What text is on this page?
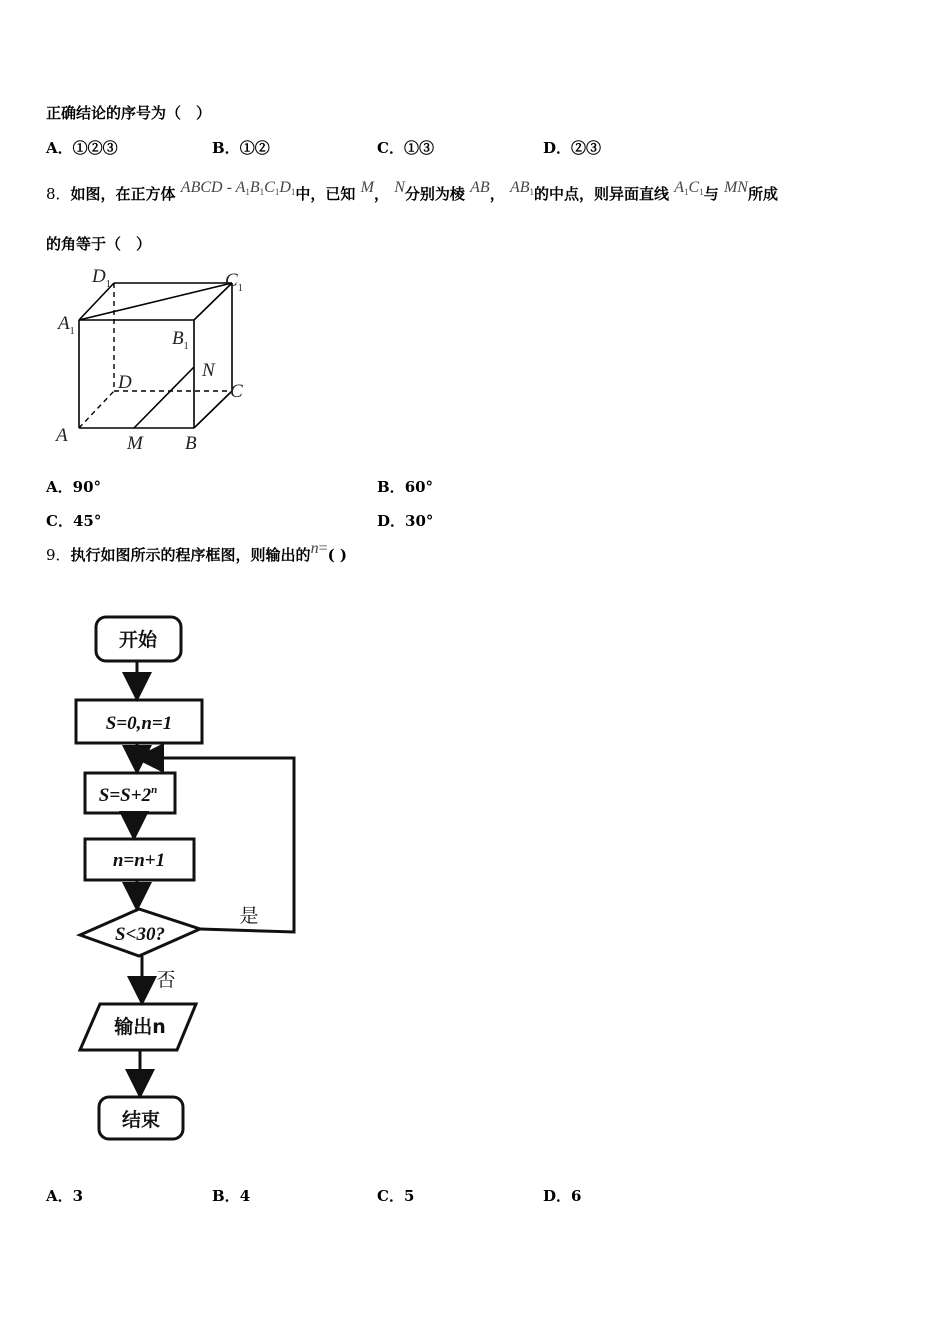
正确结论的序号为（　）
A．①②③	B．①②	C．①③	D．②③
8．如图，在正方体 ABCD - $A_1B_1C_1D_1$中，已知 M， N分别为棱 AB， $AB_1$的中点，则异面直线 $A_1C_1$与 MN所成
的角等于（　）
$D_1$	$C_1$
$A_1$	$B_1$
N
D	C
A	M B
A．90°	B．60°
C．45°	D．30°
9．执行如图所示的程序框图，则输出的n=( )
开始
S=0,n=1
$S=S+2^n$
n=n+1
S<30?
是
否
输出n
结束
A．3	B．4	C．5	D．6
